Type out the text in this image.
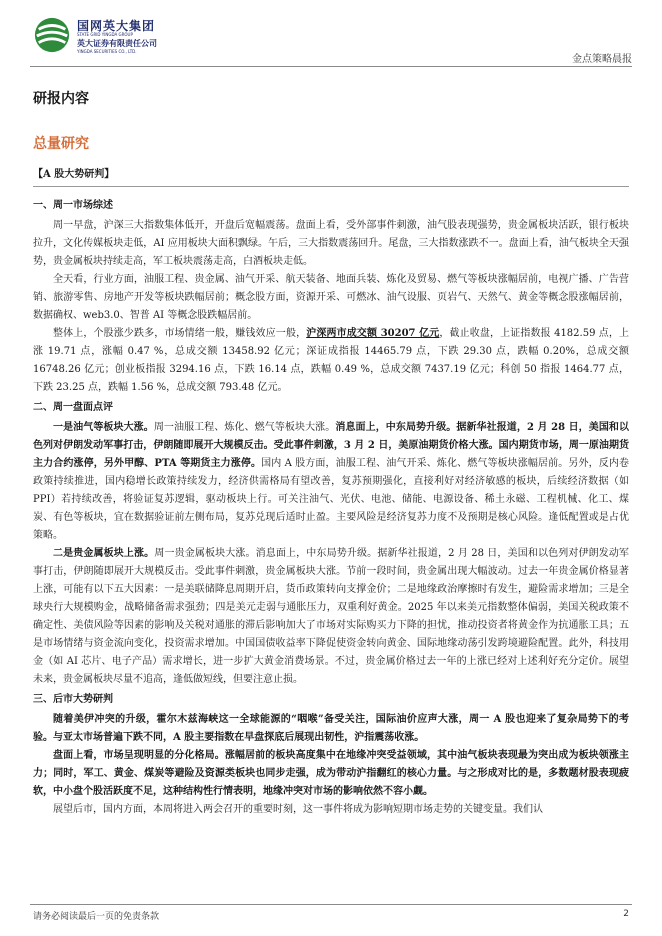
国网英大集团
STATE GRID YINGDA GROUP
英大证券有限责任公司
YINGDA SECURITIES CO., LTD.
金点策略晨报
研报内容
总量研究

【A 股大势研判】

一、周一市场综述

周一早盘，沪深三大指数集体低开，开盘后宽幅震荡。盘面上看，受外部事件刺激，油气股表现强势，贵金属板块活跃，银行板块拉升，文化传媒板块走低，AI 应用板块大面积飘绿。午后，三大指数震荡回升。尾盘，三大指数涨跌不一。盘面上看，油气板块全天强势，贵金属板块持续走高，军工板块震荡走高，白酒板块走低。

全天看，行业方面，油服工程、贵金属、油气开采、航天装备、地面兵装、炼化及贸易、燃气等板块涨幅居前，电视广播、广告营销、旅游零售、房地产开发等板块跌幅居前；概念股方面，资源开采、可燃冰、油气设服、页岩气、天然气、黄金等概念股涨幅居前，数据确权、web3.0、智普 AI 等概念股跌幅居前。

整体上，个股涨少跌多，市场情绪一般，赚钱效应一般，沪深两市成交额 30207 亿元，截止收盘，上证指数报 4182.59 点，上涨 19.71 点，涨幅 0.47 %，总成交额 13458.92 亿元；深证成指报 14465.79 点，下跌 29.30 点，跌幅 0.20%，总成交额 16748.26 亿元；创业板指报 3294.16 点，下跌 16.14 点，跌幅 0.49 %，总成交额 7437.19 亿元；科创 50 指报 1464.77 点，下跌 23.25 点，跌幅 1.56 %，总成交额 793.48 亿元。

二、周一盘面点评

一是油气等板块大涨。周一油服工程、炼化、燃气等板块大涨。消息面上，中东局势升级。据新华社报道，2 月 28 日，美国和以色列对伊朗发动军事打击，伊朗随即展开大规模反击。受此事件刺激，3 月 2 日，美原油期货价格大涨。国内期货市场，周一原油期货主力合约涨停，另外甲醇、PTA 等期货主力涨停。国内 A 股方面，油服工程、油气开采、炼化、燃气等板块涨幅居前。另外，反内卷政策持续推进，国内稳增长政策持续发力，经济供需格局有望改善，复苏预期强化，直接利好对经济敏感的板块，后续经济数据（如 PPI）若持续改善，将验证复苏逻辑，驱动板块上行。可关注油气、光伏、电池、储能、电源设备、稀土永磁、工程机械、化工、煤炭、有色等板块，宜在数据验证前左侧布局，复苏兑现后适时止盈。主要风险是经济复苏力度不及预期是核心风险。逢低配置或是占优策略。

二是贵金属板块上涨。周一贵金属板块大涨。消息面上，中东局势升级。据新华社报道，2 月 28 日，美国和以色列对伊朗发动军事打击，伊朗随即展开大规模反击。受此事件刺激，贵金属板块大涨。节前一段时间，贵金属出现大幅波动。过去一年贵金属价格显著上涨，可能有以下五大因素：一是美联储降息周期开启，货币政策转向支撑金价；二是地缘政治摩擦时有发生，避险需求增加；三是全球央行大规模购金，战略储备需求强劲；四是美元走弱与通胀压力，双重利好黄金。2025 年以来美元指数整体偏弱，美国关税政策不确定性、美债风险等因素的影响及关税对通胀的滞后影响加大了市场对实际购买力下降的担忧，推动投资者将黄金作为抗通胀工具；五是市场情绪与资金流向变化，投资需求增加。中国国债收益率下降促使资金转向黄金、国际地缘动荡引发跨境避险配置。此外，科技用金（如 AI 芯片、电子产品）需求增长，进一步扩大黄金消费场景。不过，贵金属价格过去一年的上涨已经对上述利好充分定价。展望未来，贵金属板块尽量不追高，逢低做短线，但要注意止损。

三、后市大势研判

随着美伊冲突的升级，霍尔木兹海峡这一全球能源的“咽喉”备受关注，国际油价应声大涨，周一 A 股也迎来了复杂局势下的考验。与亚太市场普遍下跌不同，A 股主要指数在早盘探底后展现出韧性，沪指震荡收涨。

盘面上看，市场呈现明显的分化格局。涨幅居前的板块高度集中在地缘冲突受益领域，其中油气板块表现最为突出成为板块领涨主力；同时，军工、黄金、煤炭等避险及资源类板块也同步走强，成为带动沪指翻红的核心力量。与之形成对比的是，多数题材股表现疲软，中小盘个股活跃度不足，这种结构性行情表明，地缘冲突对市场的影响依然不容小觑。

展望后市，国内方面，本周将进入两会召开的重要时刻，这一事件将成为影响短期市场走势的关键变量。我们认

请务必阅读最后一页的免责条款	2
